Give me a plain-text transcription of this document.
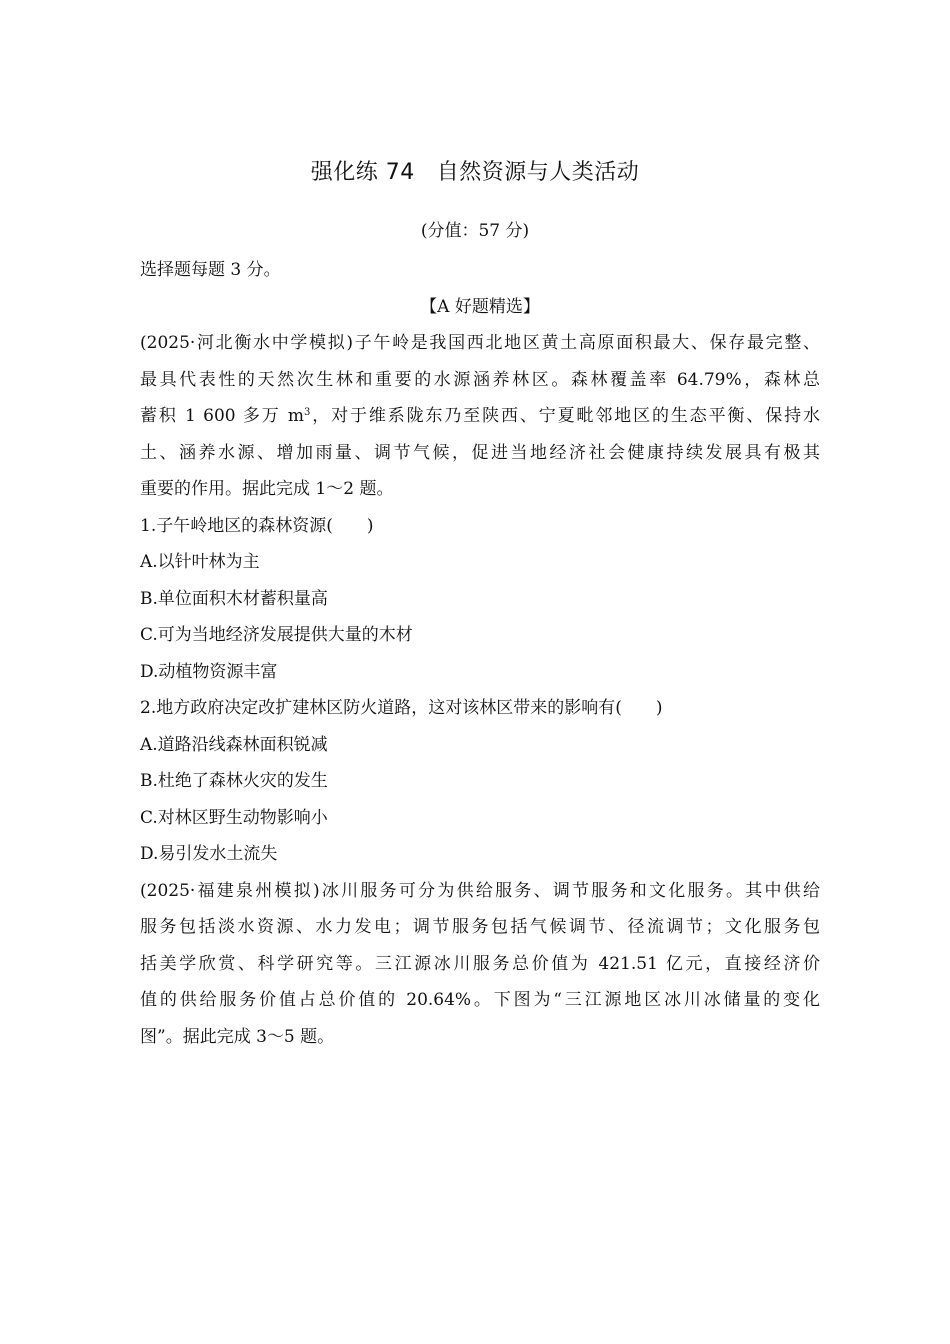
强化练 74 自然资源与人类活动
(分值：57 分)
选择题每题 3 分。
【A 好题精选】
(2025·河北衡水中学模拟)子午岭是我国西北地区黄土高原面积最大、保存最完整、
最具代表性的天然次生林和重要的水源涵养林区。森林覆盖率 64.79%，森林总
蓄积 1 600 多万 $m^3$，对于维系陇东乃至陕西、宁夏毗邻地区的生态平衡、保持水
土、涵养水源、增加雨量、调节气候，促进当地经济社会健康持续发展具有极其
重要的作用。据此完成 1～2 题。
1.子午岭地区的森林资源( )
A.以针叶林为主
B.单位面积木材蓄积量高
C.可为当地经济发展提供大量的木材
D.动植物资源丰富
2.地方政府决定改扩建林区防火道路，这对该林区带来的影响有( )
A.道路沿线森林面积锐减
B.杜绝了森林火灾的发生
C.对林区野生动物影响小
D.易引发水土流失
(2025·福建泉州模拟)冰川服务可分为供给服务、调节服务和文化服务。其中供给
服务包括淡水资源、水力发电；调节服务包括气候调节、径流调节；文化服务包
括美学欣赏、科学研究等。三江源冰川服务总价值为 421.51 亿元，直接经济价
值的供给服务价值占总价值的 20.64%。下图为“三江源地区冰川冰储量的变化
图”。据此完成 3～5 题。
